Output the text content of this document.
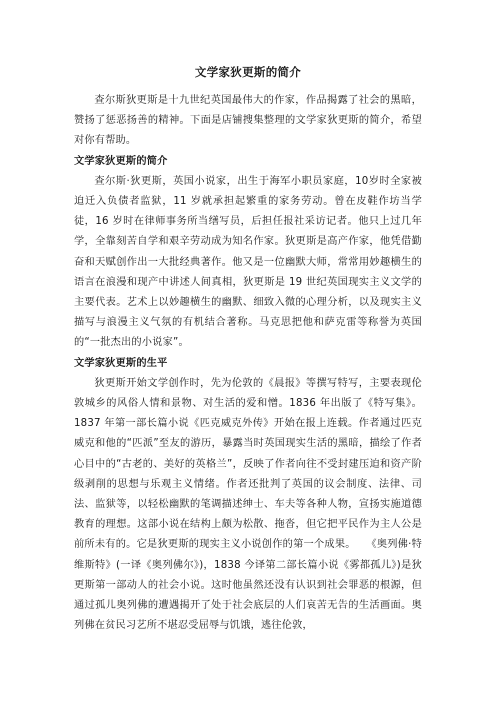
文学家狄更斯的简介

查尔斯狄更斯是十九世纪英国最伟大的作家，作品揭露了社会的黑暗，赞扬了惩恶扬善的精神。下面是店铺搜集整理的文学家狄更斯的简介，希望对你有帮助。

文学家狄更斯的简介

查尔斯·狄更斯，英国小说家，出生于海军小职员家庭，10岁时全家被迫迁入负债者监狱，11 岁就承担起繁重的家务劳动。曾在皮鞋作坊当学徒，16 岁时在律师事务所当缮写员，后担任报社采访记者。他只上过几年学，全靠刻苦自学和艰辛劳动成为知名作家。狄更斯是高产作家，他凭借勤奋和天赋创作出一大批经典著作。他又是一位幽默大师，常常用妙趣横生的语言在浪漫和现产中讲述人间真相，狄更斯是 19 世纪英国现实主义文学的主要代表。艺术上以妙趣横生的幽默、细致入微的心理分析，以及现实主义描写与浪漫主义气氛的有机结合著称。马克思把他和萨克雷等称誉为英国的“一批杰出的小说家”。

文学家狄更斯的生平

狄更斯开始文学创作时，先为伦敦的《晨报》等撰写特写，主要表现伦敦城乡的风俗人情和景物、对生活的爱和憎。1836 年出版了《特写集》。1837 年第一部长篇小说《匹克威克外传》开始在报上连载。作者通过匹克威克和他的“匹派”至友的游历，暴露当时英国现实生活的黑暗，描绘了作者心目中的“古老的、美好的英格兰”，反映了作者向往不受封建压迫和资产阶级剥削的思想与乐观主义情绪。作者还批判了英国的议会制度、法律、司法、监狱等，以轻松幽默的笔调描述绅士、车夫等各种人物，宣扬实施道德教育的理想。这部小说在结构上颇为松散、拖沓，但它把平民作为主人公是前所未有的。它是狄更斯的现实主义小说创作的第一个成果。　　《奥列佛·特维斯特》(一译《奥列佛尔》)，1838 今译第二部长篇小说《雾都孤儿》)是狄更斯第一部动人的社会小说。这时他虽然还没有认识到社会罪恶的根源，但通过孤儿奥列佛的遭遇揭开了处于社会底层的人们哀苦无告的生活画面。奥列佛在贫民习艺所不堪忍受屈辱与饥饿，逃往伦敦，
